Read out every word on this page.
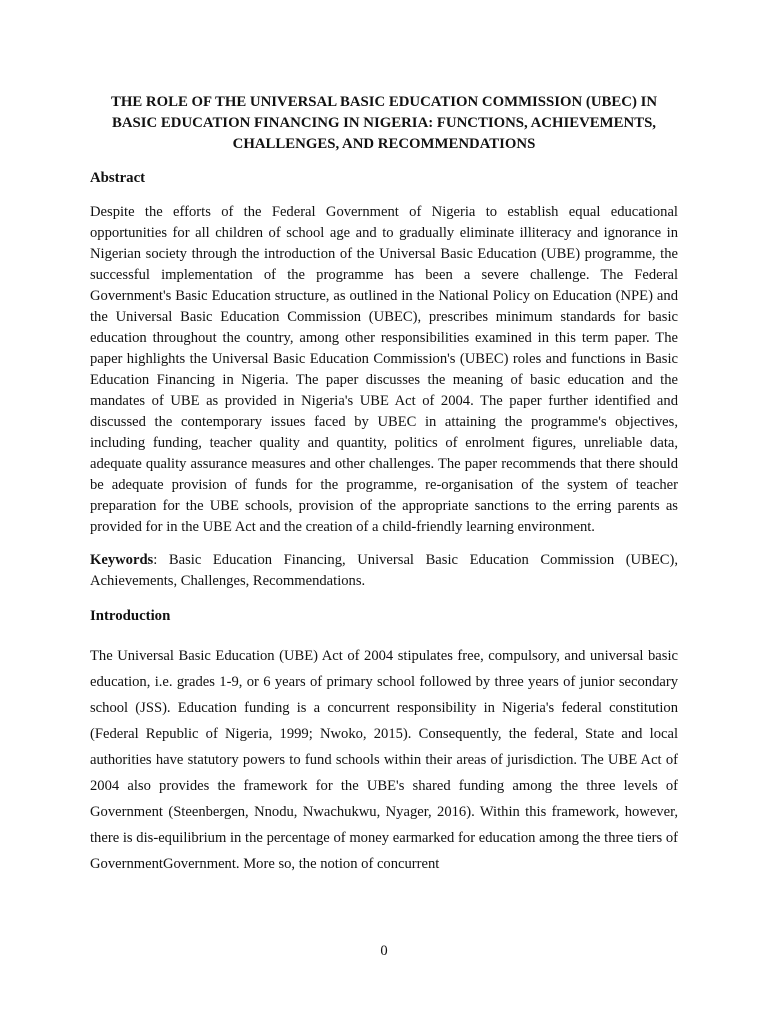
THE ROLE OF THE UNIVERSAL BASIC EDUCATION COMMISSION (UBEC) IN BASIC EDUCATION FINANCING IN NIGERIA: FUNCTIONS, ACHIEVEMENTS, CHALLENGES, AND RECOMMENDATIONS
Abstract

Despite the efforts of the Federal Government of Nigeria to establish equal educational opportunities for all children of school age and to gradually eliminate illiteracy and ignorance in Nigerian society through the introduction of the Universal Basic Education (UBE) programme, the successful implementation of the programme has been a severe challenge. The Federal Government's Basic Education structure, as outlined in the National Policy on Education (NPE) and the Universal Basic Education Commission (UBEC), prescribes minimum standards for basic education throughout the country, among other responsibilities examined in this term paper. The paper highlights the Universal Basic Education Commission's (UBEC) roles and functions in Basic Education Financing in Nigeria. The paper discusses the meaning of basic education and the mandates of UBE as provided in Nigeria's UBE Act of 2004. The paper further identified and discussed the contemporary issues faced by UBEC in attaining the programme's objectives, including funding, teacher quality and quantity, politics of enrolment figures, unreliable data, adequate quality assurance measures and other challenges. The paper recommends that there should be adequate provision of funds for the programme, re-organisation of the system of teacher preparation for the UBE schools, provision of the appropriate sanctions to the erring parents as provided for in the UBE Act and the creation of a child-friendly learning environment.

Keywords: Basic Education Financing, Universal Basic Education Commission (UBEC), Achievements, Challenges, Recommendations.

Introduction

The Universal Basic Education (UBE) Act of 2004 stipulates free, compulsory, and universal basic education, i.e. grades 1-9, or 6 years of primary school followed by three years of junior secondary school (JSS). Education funding is a concurrent responsibility in Nigeria's federal constitution (Federal Republic of Nigeria, 1999; Nwoko, 2015). Consequently, the federal, State and local authorities have statutory powers to fund schools within their areas of jurisdiction. The UBE Act of 2004 also provides the framework for the UBE's shared funding among the three levels of Government (Steenbergen, Nnodu, Nwachukwu, Nyager, 2016). Within this framework, however, there is dis-equilibrium in the percentage of money earmarked for education among the three tiers of GovernmentGovernment. More so, the notion of concurrent

0
